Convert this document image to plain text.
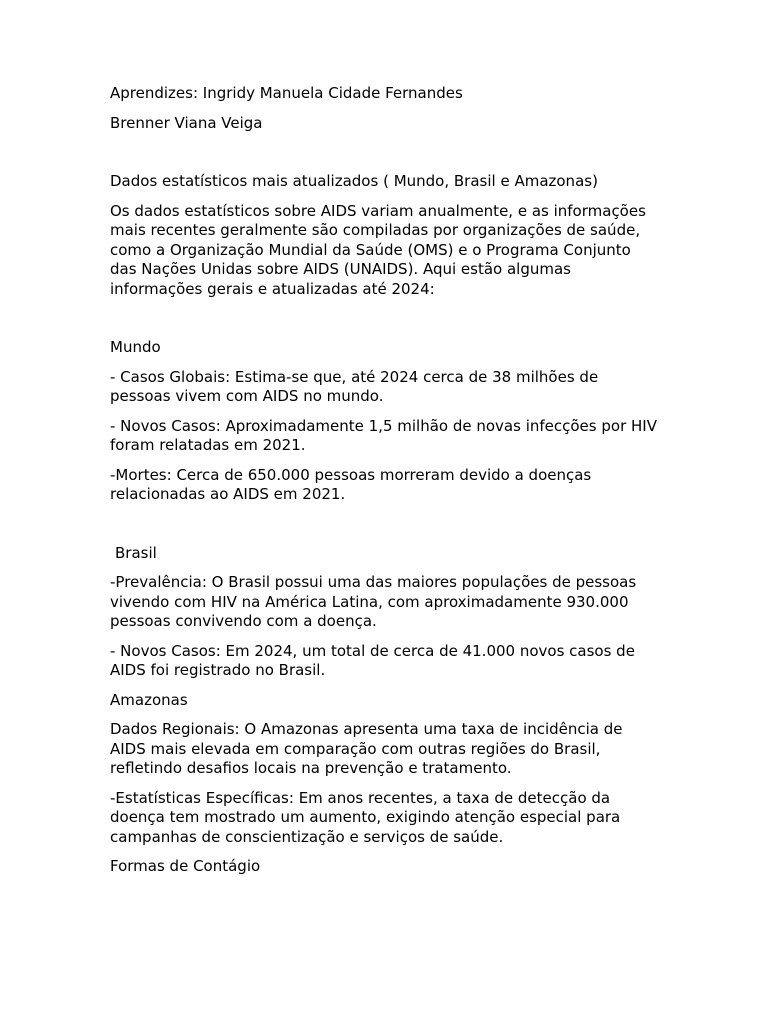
Aprendizes: Ingridy Manuela Cidade Fernandes

Brenner Viana Veiga

Dados estatísticos mais atualizados ( Mundo, Brasil e Amazonas)

Os dados estatísticos sobre AIDS variam anualmente, e as informações mais recentes geralmente são compiladas por organizações de saúde, como a Organização Mundial da Saúde (OMS) e o Programa Conjunto das Nações Unidas sobre AIDS (UNAIDS). Aqui estão algumas informações gerais e atualizadas até 2024:

Mundo

- Casos Globais: Estima-se que, até 2024 cerca de 38 milhões de pessoas vivem com AIDS no mundo.

- Novos Casos: Aproximadamente 1,5 milhão de novas infecções por HIV foram relatadas em 2021.

-Mortes: Cerca de 650.000 pessoas morreram devido a doenças relacionadas ao AIDS em 2021.

Brasil

-Prevalência: O Brasil possui uma das maiores populações de pessoas vivendo com HIV na América Latina, com aproximadamente 930.000 pessoas convivendo com a doença.

- Novos Casos: Em 2024, um total de cerca de 41.000 novos casos de AIDS foi registrado no Brasil.

Amazonas

Dados Regionais: O Amazonas apresenta uma taxa de incidência de AIDS mais elevada em comparação com outras regiões do Brasil, refletindo desafios locais na prevenção e tratamento.

-Estatísticas Específicas: Em anos recentes, a taxa de detecção da doença tem mostrado um aumento, exigindo atenção especial para campanhas de conscientização e serviços de saúde.

Formas de Contágio
